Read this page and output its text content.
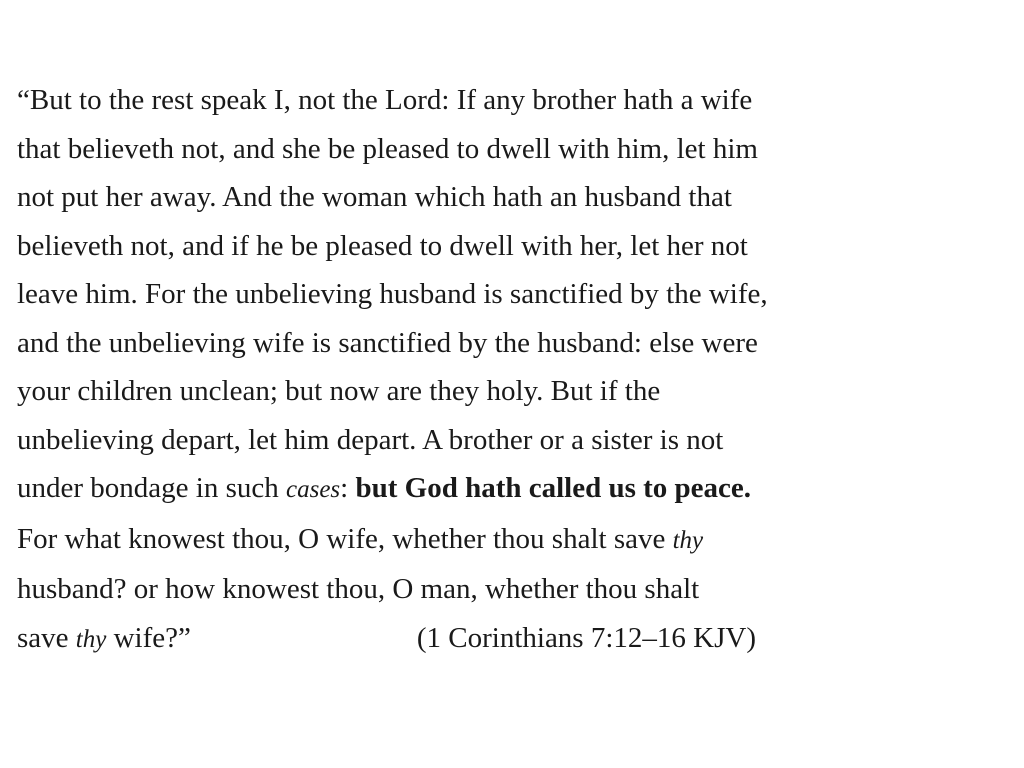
“But to the rest speak I, not the Lord: If any brother hath a wife
that believeth not, and she be pleased to dwell with him, let him
not put her away. And the woman which hath an husband that
believeth not, and if he be pleased to dwell with her, let her not
leave him. For the unbelieving husband is sanctified by the wife,
and the unbelieving wife is sanctified by the husband: else were
your children unclean; but now are they holy. But if the
unbelieving depart, let him depart. A brother or a sister is not
under bondage in such cases: but God hath called us to peace.
For what knowest thou, O wife, whether thou shalt save thy
husband? or how knowest thou, O man, whether thou shalt
save thy wife?”	(1 Corinthians 7:12–16 KJV)
